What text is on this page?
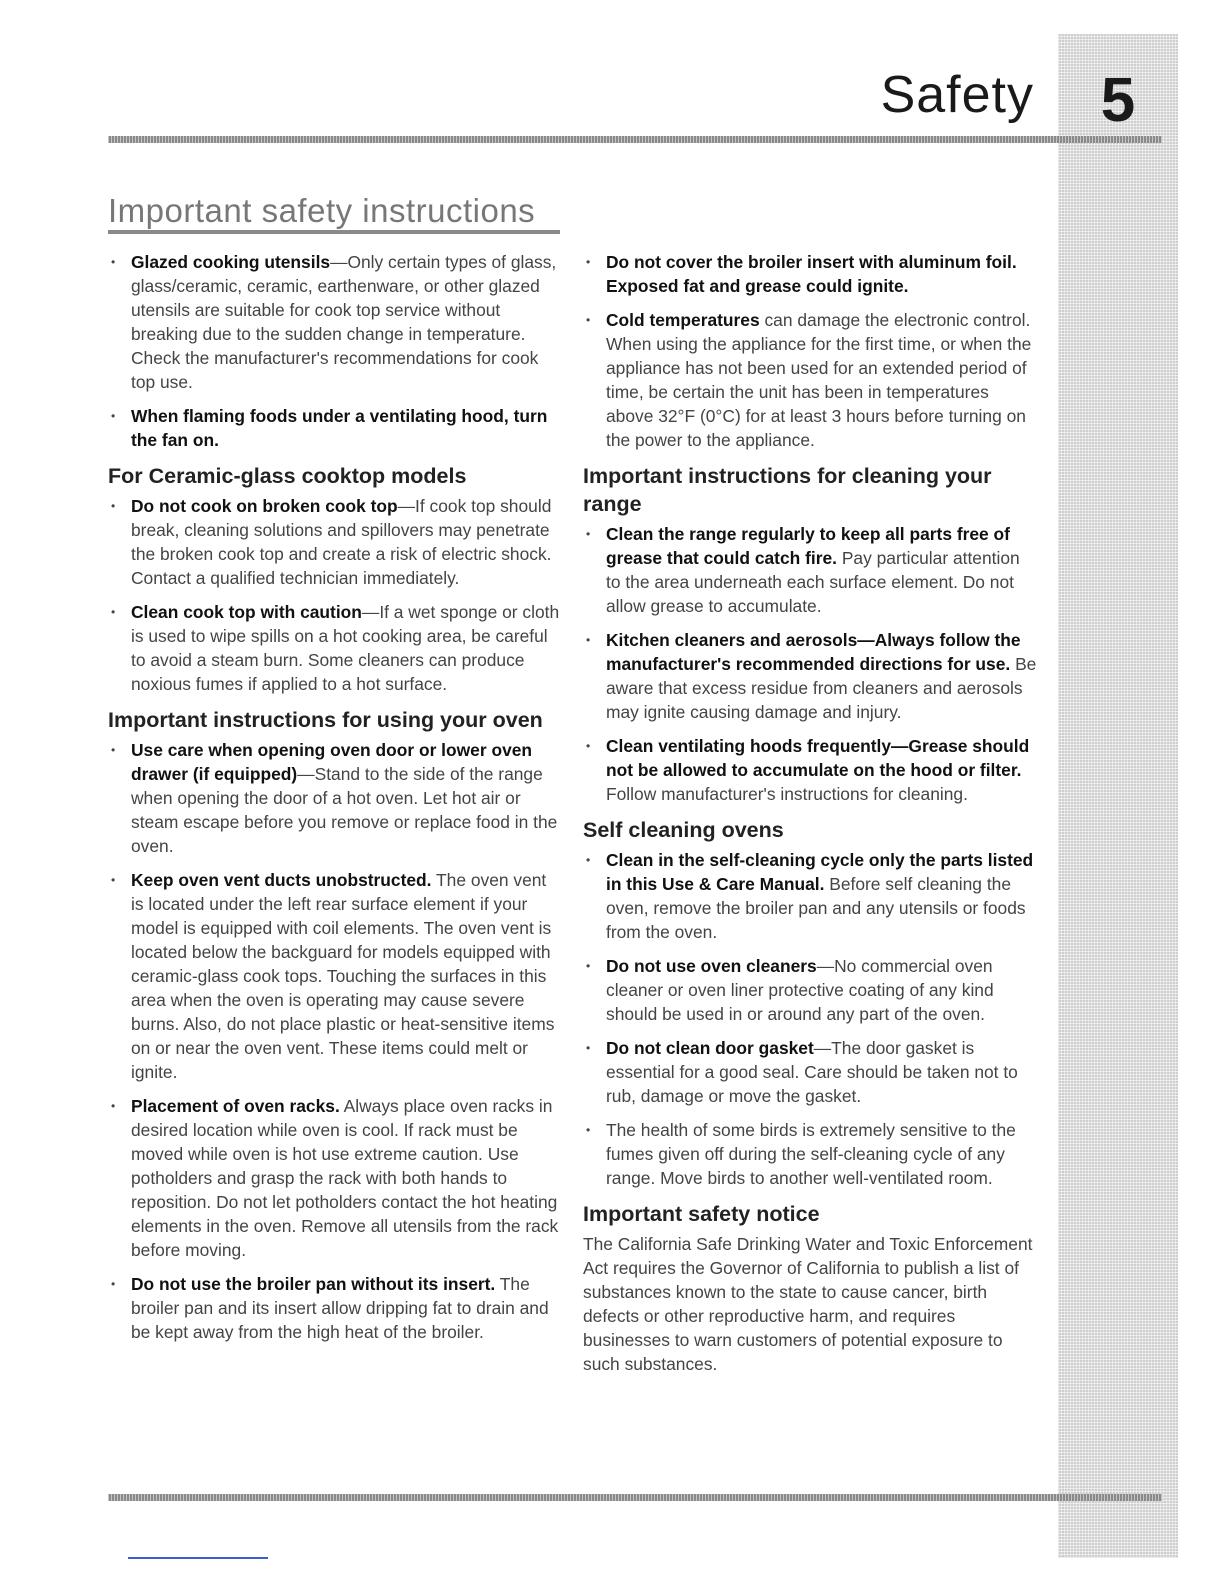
5
Safety
Important safety instructions
• Glazed cooking utensils—Only certain types of glass, glass/ceramic, ceramic, earthenware, or other glazed utensils are suitable for cook top service without breaking due to the sudden change in temperature. Check the manufacturer's recommendations for cook top use.
• When flaming foods under a ventilating hood, turn the fan on.
For Ceramic-glass cooktop models
• Do not cook on broken cook top—If cook top should break, cleaning solutions and spillovers may penetrate the broken cook top and create a risk of electric shock. Contact a qualified technician immediately.
• Clean cook top with caution—If a wet sponge or cloth is used to wipe spills on a hot cooking area, be careful to avoid a steam burn. Some cleaners can produce noxious fumes if applied to a hot surface.
Important instructions for using your oven
• Use care when opening oven door or lower oven drawer (if equipped)—Stand to the side of the range when opening the door of a hot oven. Let hot air or steam escape before you remove or replace food in the oven.
• Keep oven vent ducts unobstructed. The oven vent is located under the left rear surface element if your model is equipped with coil elements. The oven vent is located below the backguard for models equipped with ceramic-glass cook tops. Touching the surfaces in this area when the oven is operating may cause severe burns. Also, do not place plastic or heat-sensitive items on or near the oven vent. These items could melt or ignite.
• Placement of oven racks. Always place oven racks in desired location while oven is cool. If rack must be moved while oven is hot use extreme caution. Use potholders and grasp the rack with both hands to reposition. Do not let potholders contact the hot heating elements in the oven. Remove all utensils from the rack before moving.
• Do not use the broiler pan without its insert. The broiler pan and its insert allow dripping fat to drain and be kept away from the high heat of the broiler.
• Do not cover the broiler insert with aluminum foil. Exposed fat and grease could ignite.
• Cold temperatures can damage the electronic control. When using the appliance for the first time, or when the appliance has not been used for an extended period of time, be certain the unit has been in temperatures above 32°F (0°C) for at least 3 hours before turning on the power to the appliance.
Important instructions for cleaning your range
• Clean the range regularly to keep all parts free of grease that could catch fire. Pay particular attention to the area underneath each surface element. Do not allow grease to accumulate.
• Kitchen cleaners and aerosols—Always follow the manufacturer's recommended directions for use. Be aware that excess residue from cleaners and aerosols may ignite causing damage and injury.
• Clean ventilating hoods frequently—Grease should not be allowed to accumulate on the hood or filter. Follow manufacturer's instructions for cleaning.
Self cleaning ovens
• Clean in the self-cleaning cycle only the parts listed in this Use & Care Manual. Before self cleaning the oven, remove the broiler pan and any utensils or foods from the oven.
• Do not use oven cleaners—No commercial oven cleaner or oven liner protective coating of any kind should be used in or around any part of the oven.
• Do not clean door gasket—The door gasket is essential for a good seal. Care should be taken not to rub, damage or move the gasket.
• The health of some birds is extremely sensitive to the fumes given off during the self-cleaning cycle of any range. Move birds to another well-ventilated room.
Important safety notice

The California Safe Drinking Water and Toxic Enforcement Act requires the Governor of California to publish a list of substances known to the state to cause cancer, birth defects or other reproductive harm, and requires businesses to warn customers of potential exposure to such substances.
